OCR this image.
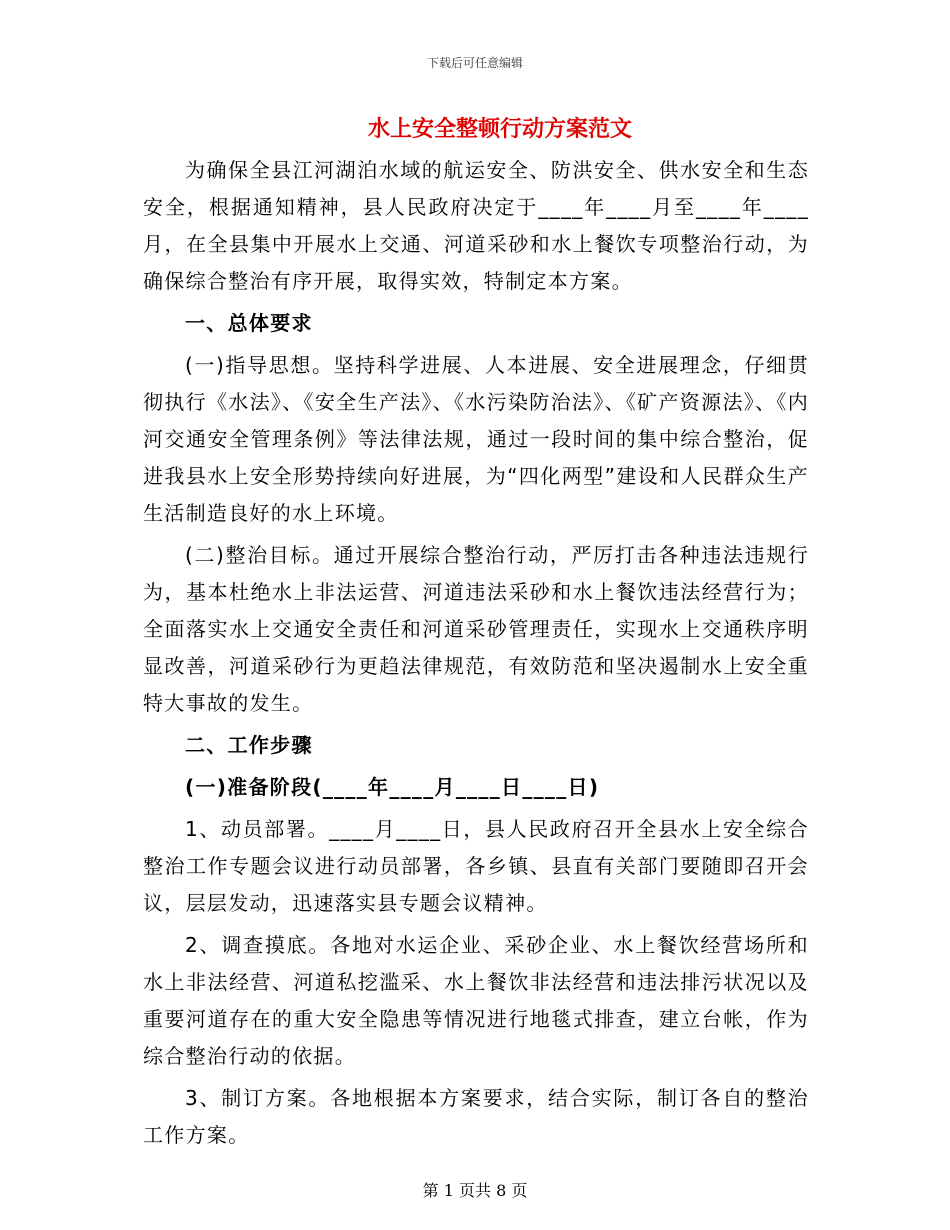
下载后可任意编辑
水上安全整顿行动方案范文

为确保全县江河湖泊水域的航运安全、防洪安全、供水安全和生态安全，根据通知精神，县人民政府决定于____年____月至____年____月，在全县集中开展水上交通、河道采砂和水上餐饮专项整治行动，为确保综合整治有序开展，取得实效，特制定本方案。

一、总体要求

(一)指导思想。坚持科学进展、人本进展、安全进展理念，仔细贯彻执行《水法》、《安全生产法》、《水污染防治法》、《矿产资源法》、《内河交通安全管理条例》等法律法规，通过一段时间的集中综合整治，促进我县水上安全形势持续向好进展，为“四化两型”建设和人民群众生产生活制造良好的水上环境。

(二)整治目标。通过开展综合整治行动，严厉打击各种违法违规行为，基本杜绝水上非法运营、河道违法采砂和水上餐饮违法经营行为；全面落实水上交通安全责任和河道采砂管理责任，实现水上交通秩序明显改善，河道采砂行为更趋法律规范，有效防范和坚决遏制水上安全重特大事故的发生。

二、工作步骤
(一)准备阶段(____年____月____日____日)

1、动员部署。____月____日，县人民政府召开全县水上安全综合整治工作专题会议进行动员部署，各乡镇、县直有关部门要随即召开会议，层层发动，迅速落实县专题会议精神。

2、调查摸底。各地对水运企业、采砂企业、水上餐饮经营场所和水上非法经营、河道私挖滥采、水上餐饮非法经营和违法排污状况以及重要河道存在的重大安全隐患等情况进行地毯式排查，建立台帐，作为综合整治行动的依据。

3、制订方案。各地根据本方案要求，结合实际，制订各自的整治工作方案。

第 1 页共 8 页
